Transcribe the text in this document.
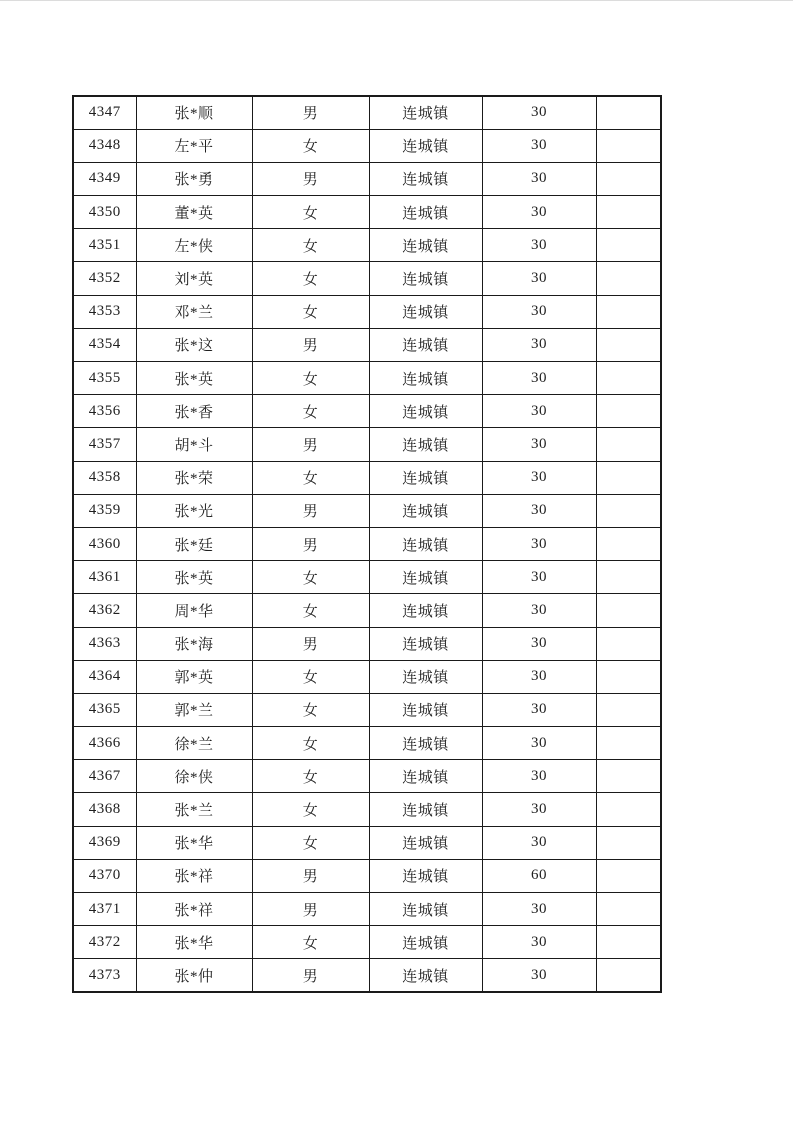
4347	张*顺	男	连城镇	30	
4348	左*平	女	连城镇	30	
4349	张*勇	男	连城镇	30	
4350	董*英	女	连城镇	30	
4351	左*侠	女	连城镇	30	
4352	刘*英	女	连城镇	30	
4353	邓*兰	女	连城镇	30	
4354	张*这	男	连城镇	30	
4355	张*英	女	连城镇	30	
4356	张*香	女	连城镇	30	
4357	胡*斗	男	连城镇	30	
4358	张*荣	女	连城镇	30	
4359	张*光	男	连城镇	30	
4360	张*廷	男	连城镇	30	
4361	张*英	女	连城镇	30	
4362	周*华	女	连城镇	30	
4363	张*海	男	连城镇	30	
4364	郭*英	女	连城镇	30	
4365	郭*兰	女	连城镇	30	
4366	徐*兰	女	连城镇	30	
4367	徐*侠	女	连城镇	30	
4368	张*兰	女	连城镇	30	
4369	张*华	女	连城镇	30	
4370	张*祥	男	连城镇	60	
4371	张*祥	男	连城镇	30	
4372	张*华	女	连城镇	30	
4373	张*仲	男	连城镇	30	
